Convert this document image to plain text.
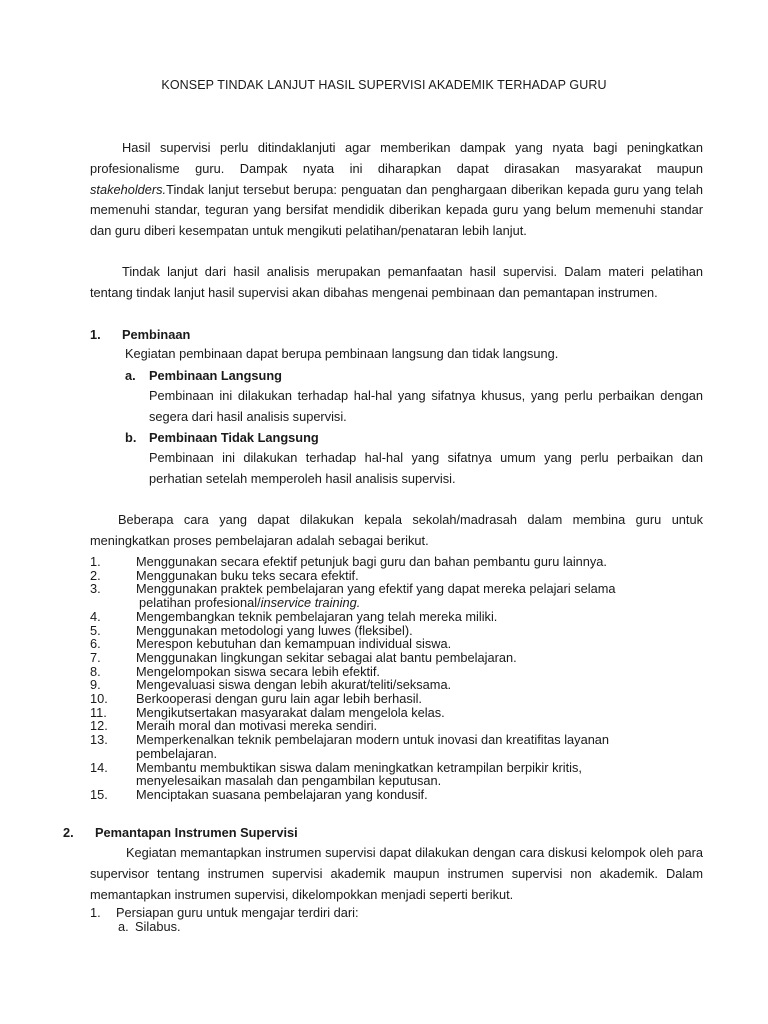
KONSEP TINDAK LANJUT HASIL SUPERVISI AKADEMIK TERHADAP GURU

Hasil supervisi perlu ditindaklanjuti agar memberikan dampak yang nyata bagi peningkatkan profesionalisme guru. Dampak nyata ini diharapkan dapat dirasakan masyarakat maupun stakeholders.Tindak lanjut tersebut berupa: penguatan dan penghargaan diberikan kepada guru yang telah memenuhi standar, teguran yang bersifat mendidik diberikan kepada guru yang belum memenuhi standar dan guru diberi kesempatan untuk mengikuti pelatihan/penataran lebih lanjut.

Tindak lanjut dari hasil analisis merupakan pemanfaatan hasil supervisi. Dalam materi pelatihan tentang tindak lanjut hasil supervisi akan dibahas mengenai pembinaan dan pemantapan instrumen.

1. Pembinaan
Kegiatan pembinaan dapat berupa pembinaan langsung dan tidak langsung.
a. Pembinaan Langsung

Pembinaan ini dilakukan terhadap hal-hal yang sifatnya khusus, yang perlu perbaikan dengan segera dari hasil analisis supervisi.

b. Pembinaan Tidak Langsung

Pembinaan ini dilakukan terhadap hal-hal yang sifatnya umum yang perlu perbaikan dan perhatian setelah memperoleh hasil analisis supervisi.

Beberapa cara yang dapat dilakukan kepala sekolah/madrasah dalam membina guru untuk meningkatkan proses pembelajaran adalah sebagai berikut.

1.	Menggunakan secara efektif petunjuk bagi guru dan bahan pembantu guru lainnya.
2.	Menggunakan buku teks secara efektif.
3.	Menggunakan praktek pembelajaran yang efektif yang dapat mereka pelajari selama
pelatihan profesional/inservice training.
4.	Mengembangkan teknik pembelajaran yang telah mereka miliki.
5.	Menggunakan metodologi yang luwes (fleksibel).
6.	Merespon kebutuhan dan kemampuan individual siswa.
7.	Menggunakan lingkungan sekitar sebagai alat bantu pembelajaran.
8.	Mengelompokan siswa secara lebih efektif.
9.	Mengevaluasi siswa dengan lebih akurat/teliti/seksama.
10. Berkooperasi dengan guru lain agar lebih berhasil.
11. Mengikutsertakan masyarakat dalam mengelola kelas.
12. Meraih moral dan motivasi mereka sendiri.
13. Memperkenalkan teknik pembelajaran modern untuk inovasi dan kreatifitas layanan
pembelajaran.
14. Membantu membuktikan siswa dalam meningkatkan ketrampilan berpikir kritis,
menyelesaikan masalah dan pengambilan keputusan.
15. Menciptakan suasana pembelajaran yang kondusif.
2. Pemantapan Instrumen Supervisi

Kegiatan memantapkan instrumen supervisi dapat dilakukan dengan cara diskusi kelompok oleh para supervisor tentang instrumen supervisi akademik maupun instrumen supervisi non akademik. Dalam memantapkan instrumen supervisi, dikelompokkan menjadi seperti berikut.

1. Persiapan guru untuk mengajar terdiri dari:
a. Silabus.
